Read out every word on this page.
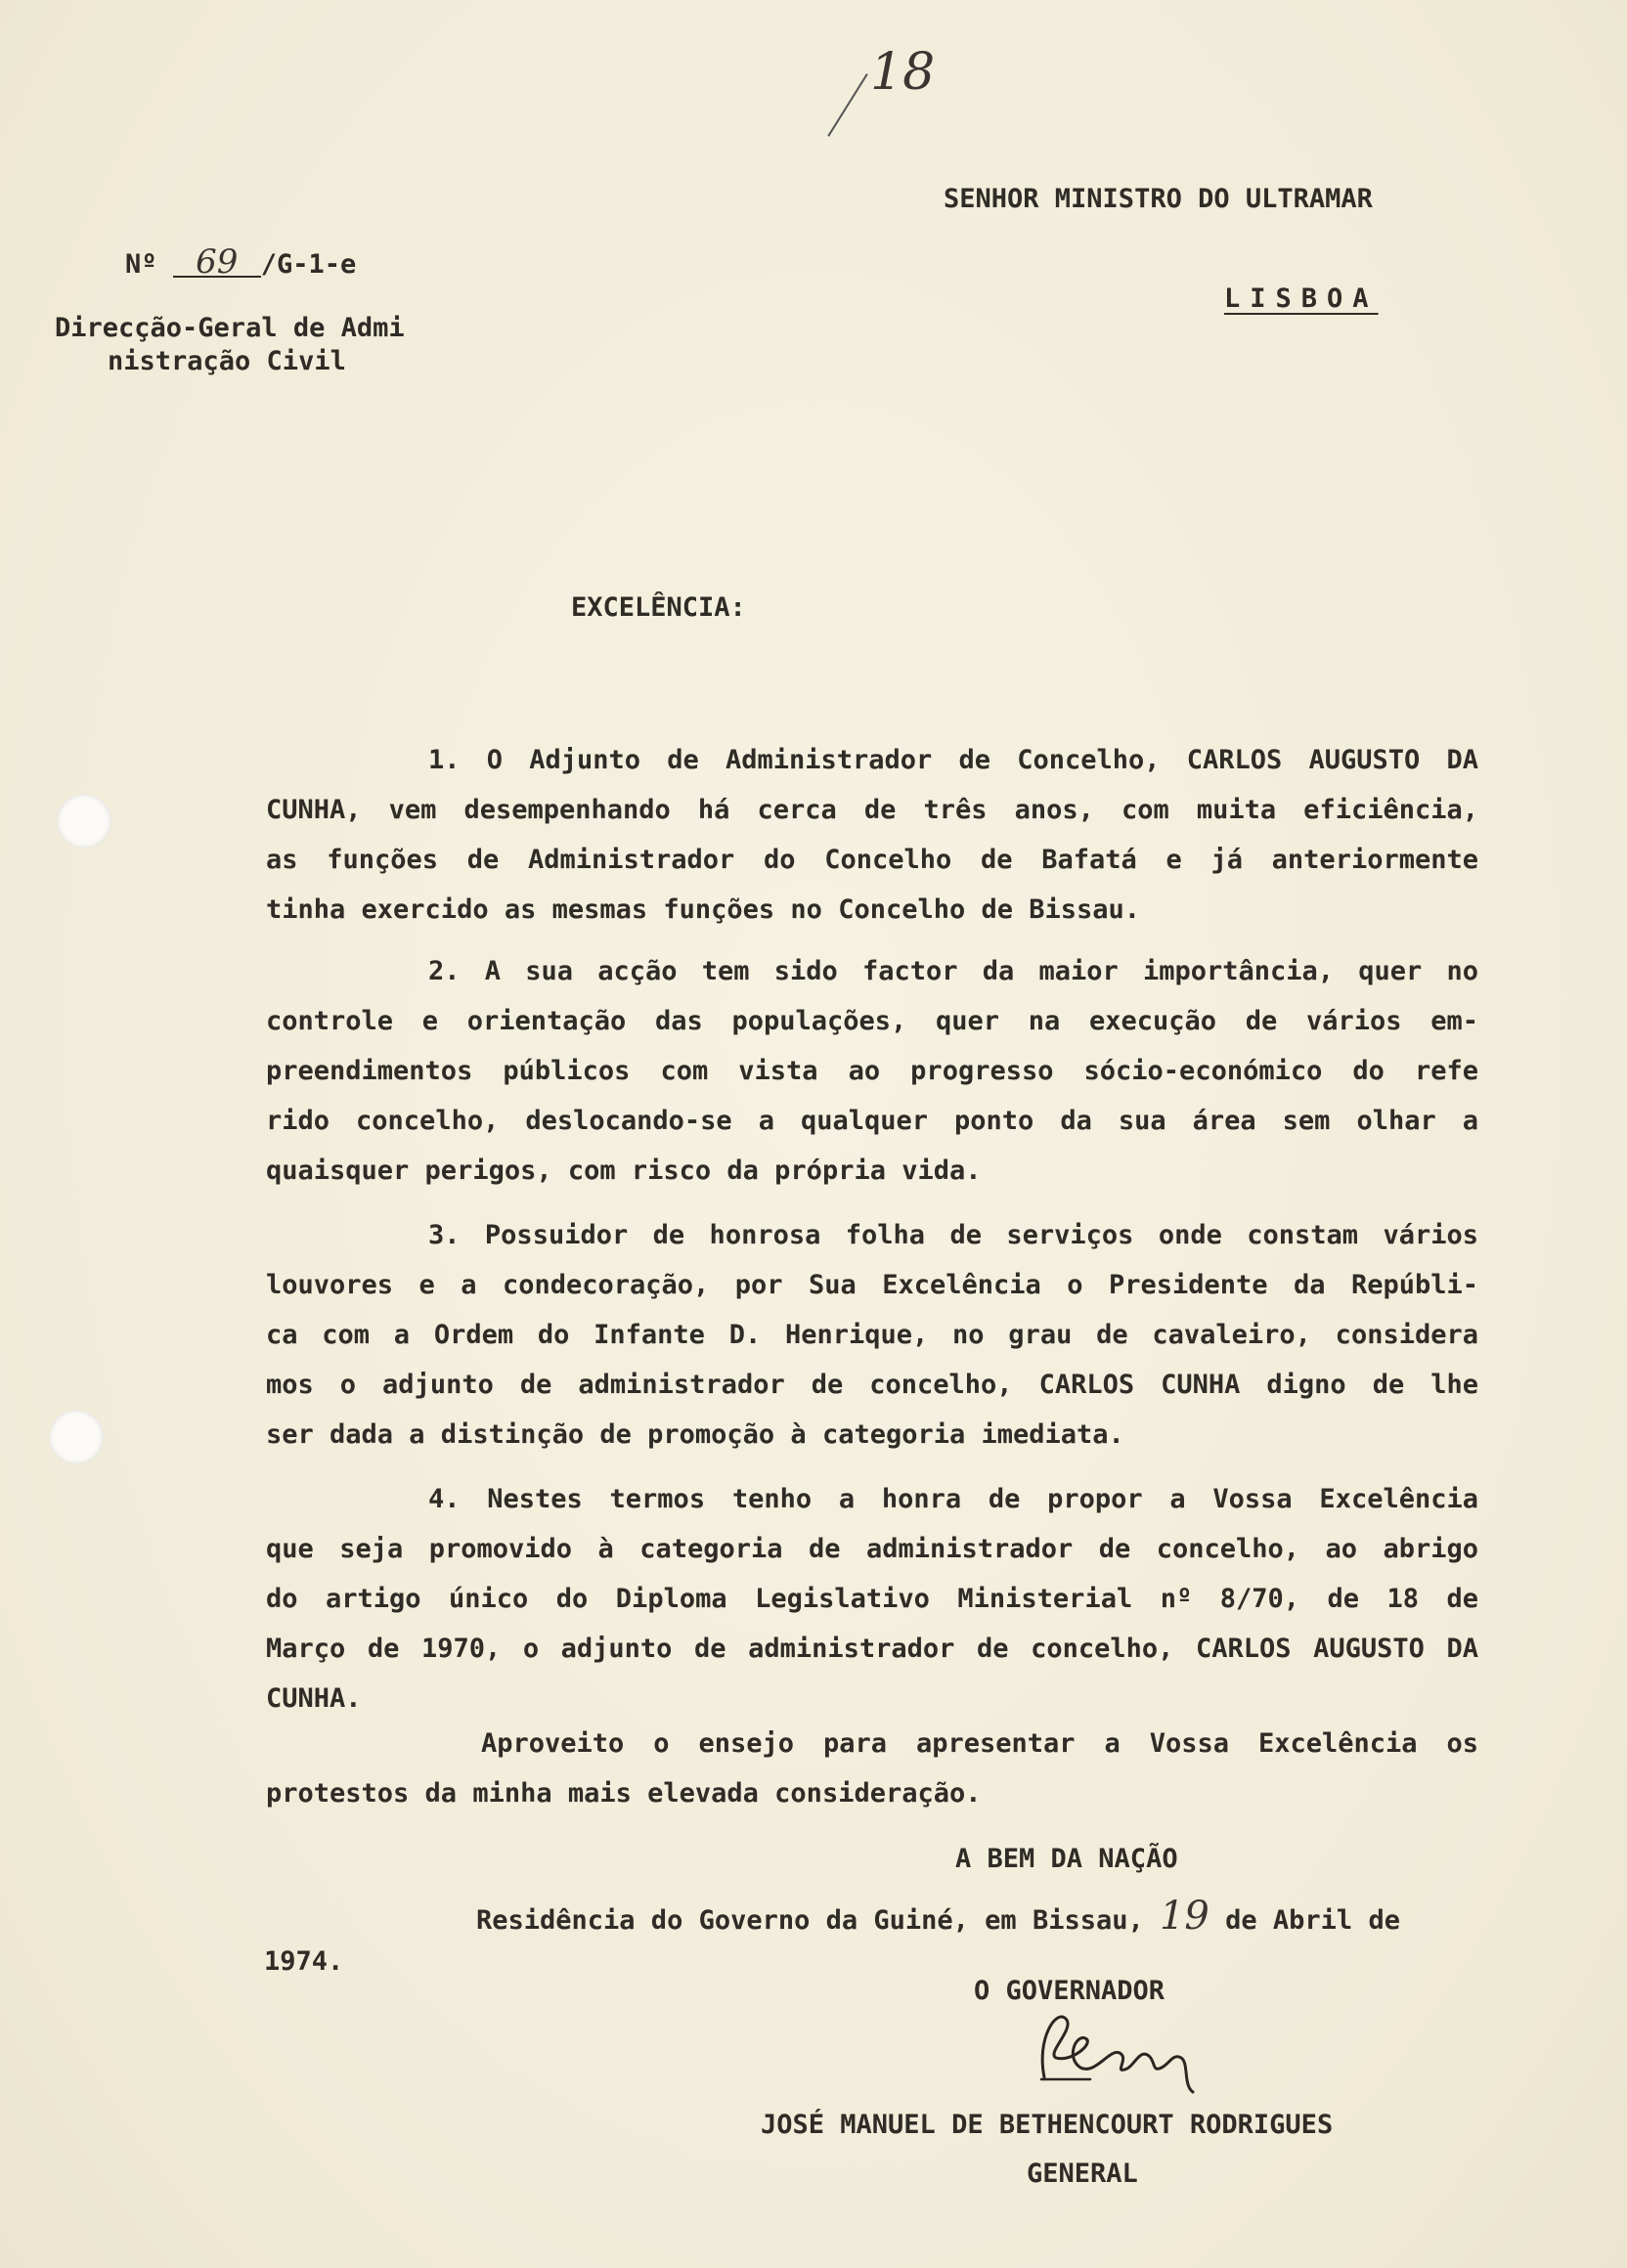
18
SENHOR MINISTRO DO ULTRAMAR
LISBOA
Nº 69 /G-1-e
Direcção-Geral de Admi
nistração Civil
EXCELÊNCIA:
1. O Adjunto de Administrador de Concelho, CARLOS AUGUSTO DA
CUNHA, vem desempenhando há cerca de três anos, com muita eficiência,
as funções de Administrador do Concelho de Bafatá e já anteriormente
tinha exercido as mesmas funções no Concelho de Bissau.
2. A sua acção tem sido factor da maior importância, quer no
controle e orientação das populações, quer na execução de vários em-
preendimentos públicos com vista ao progresso sócio-económico do refe
rido concelho, deslocando-se a qualquer ponto da sua área sem olhar a
quaisquer perigos, com risco da própria vida.
3. Possuidor de honrosa folha de serviços onde constam vários
louvores e a condecoração, por Sua Excelência o Presidente da Repúbli-
ca com a Ordem do Infante D. Henrique, no grau de cavaleiro, considera
mos o adjunto de administrador de concelho, CARLOS CUNHA digno de lhe
ser dada a distinção de promoção à categoria imediata.
4. Nestes termos tenho a honra de propor a Vossa Excelência
que seja promovido à categoria de administrador de concelho, ao abrigo
do artigo único do Diploma Legislativo Ministerial nº 8/70, de 18 de
Março de 1970, o adjunto de administrador de concelho, CARLOS AUGUSTO DA
CUNHA.
Aproveito o ensejo para apresentar a Vossa Excelência os
protestos da minha mais elevada consideração.
A BEM DA NAÇÃO
Residência do Governo da Guiné, em Bissau, 19 de Abril de
1974.
O GOVERNADOR
JOSÉ MANUEL DE BETHENCOURT RODRIGUES
GENERAL
